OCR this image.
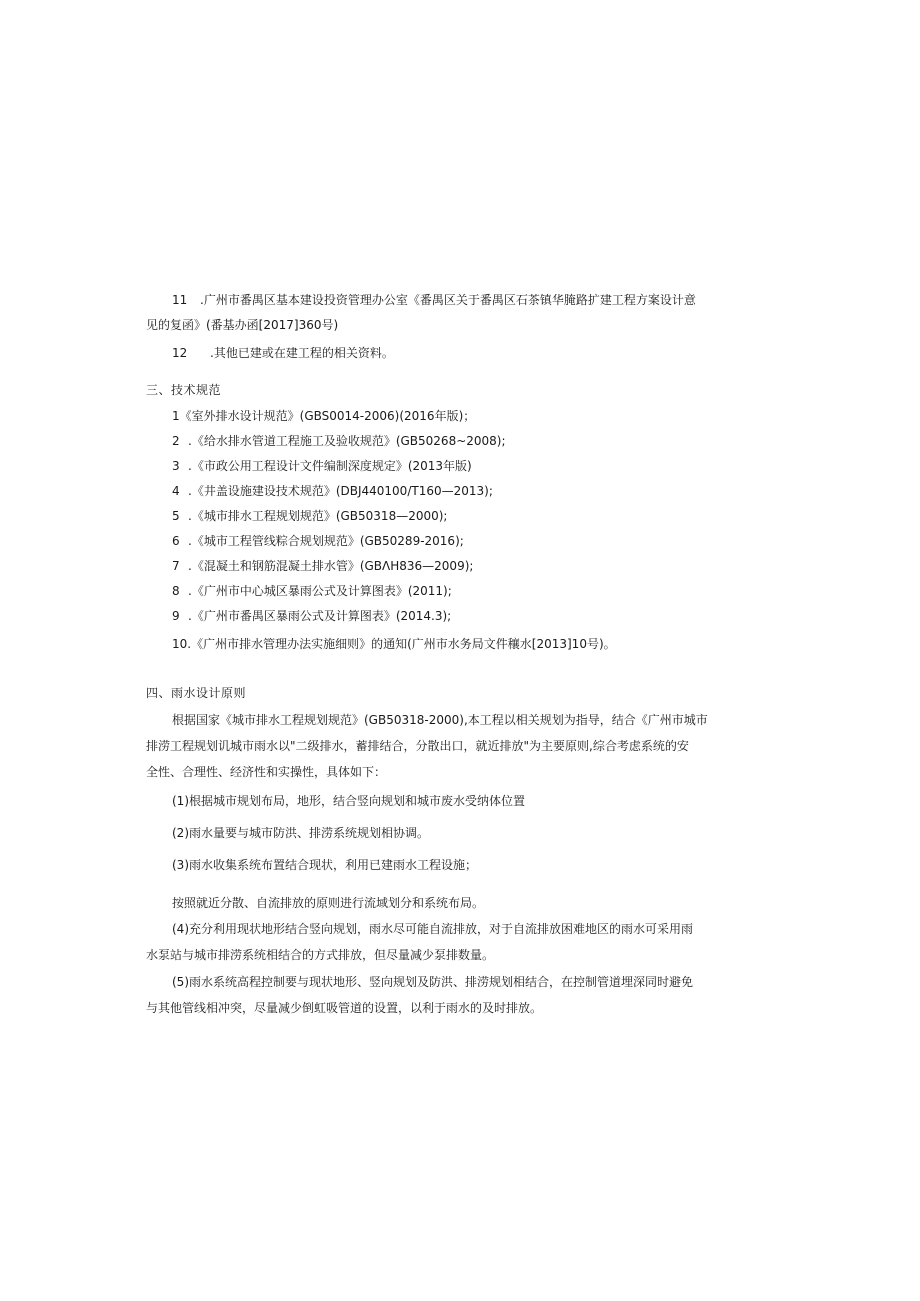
11 .广州市番禺区基本建设投资管理办公室《番禺区关于番禺区石茶镇华腌路扩建工程方案设计意
见的复函》(番基办函[2017]360号)
12 .其他已建或在建工程的相关资料。
三、技术规范
1《室外排水设计规范》(GBS0014-2006)(2016年版)；
2 .《给水排水管道工程施工及验收规范》(GB50268~2008);
3 .《市政公用工程设计文件编制深度规定》(2013年版)
4 .《井盖设施建设技术规范》(DBJ440100/T160—2013);
5 .《城市排水工程规划规范》(GB50318—2000);
6 .《城市工程管线粽合规划规范》(GB50289-2016);
7 .《混凝土和钢筋混凝土排水管》(GBΛH836—2009);
8 .《广州市中心城区暴雨公式及计算图表》(2011);
9 .《广州市番禺区暴雨公式及计算图表》(2014.3);
10.《广州市排水管理办法实施细则》的通知(广州市水务局文件穰水[2013]10号)。
四、雨水设计原则
根据国家《城市排水工程规划规范》(GB50318-2000),本工程以相关规划为指导，结合《广州市城市
排涝工程规划讥城市雨水以"二级排水，蓄排结合，分散出口，就近排放"为主要原则,综合考虑系统的安
全性、合理性、经济性和实操性，具体如下：
(1)根据城市规划布局，地形，结合竖向规划和城市废水受纳体位置
(2)雨水量要与城市防洪、排涝系统规划相协调。
(3)雨水收集系统布置结合现状，利用已建雨水工程设施；
按照就近分散、自流排放的原则进行流域划分和系统布局。
(4)充分利用现状地形结合竖向规划，雨水尽可能自流排放，对于自流排放困难地区的雨水可采用雨
水泵站与城市排涝系统相结合的方式排放，但尽量减少泵排数量。
(5)雨水系统高程控制要与现状地形、竖向规划及防洪、排涝规划相结合，在控制管道埋深同时避免
与其他管线相冲突，尽量减少倒虹吸管道的设置，以利于雨水的及时排放。
